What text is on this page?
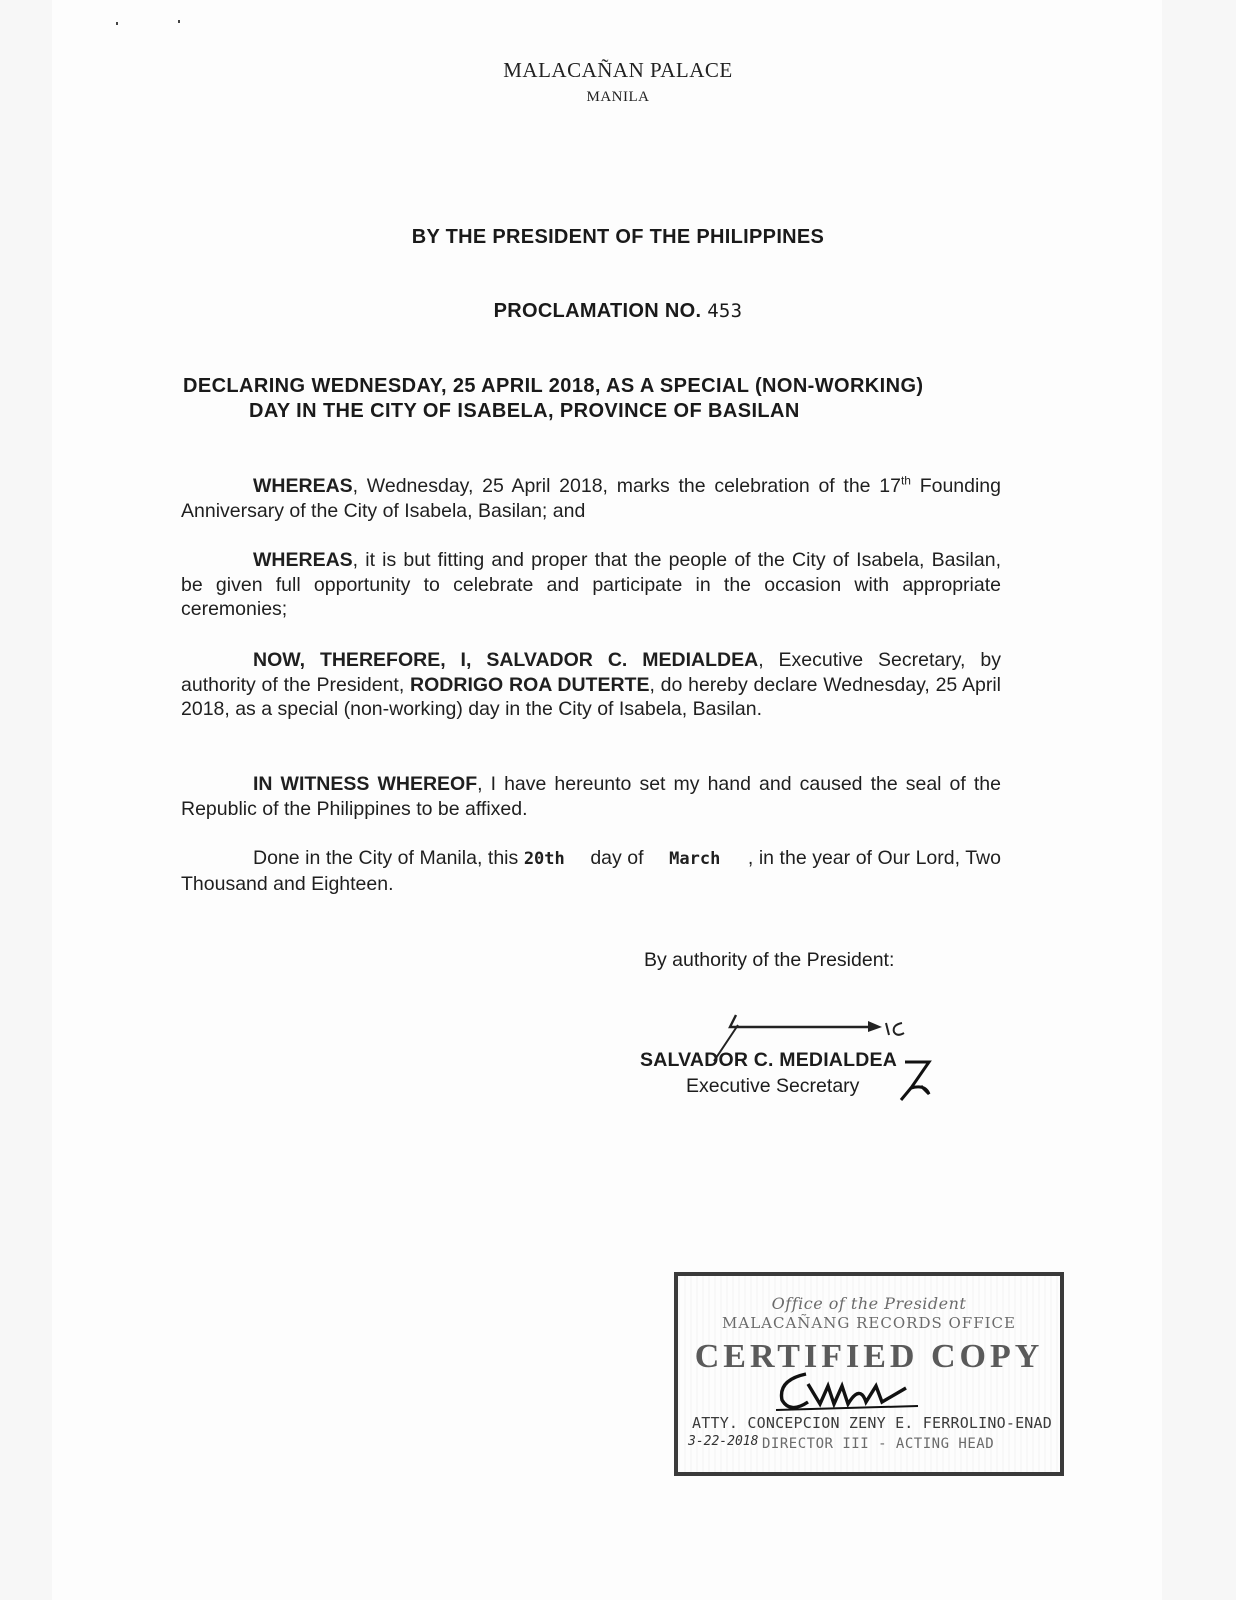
MALACAÑAN PALACE
MANILA
BY THE PRESIDENT OF THE PHILIPPINES
PROCLAMATION NO. 453
DECLARING WEDNESDAY, 25 APRIL 2018, AS A SPECIAL (NON-WORKING)
DAY IN THE CITY OF ISABELA, PROVINCE OF BASILAN
WHEREAS, Wednesday, 25 April 2018, marks the celebration of the 17th Founding Anniversary of the City of Isabela, Basilan; and
WHEREAS, it is but fitting and proper that the people of the City of Isabela, Basilan, be given full opportunity to celebrate and participate in the occasion with appropriate ceremonies;
NOW, THEREFORE, I, SALVADOR C. MEDIALDEA, Executive Secretary, by authority of the President, RODRIGO ROA DUTERTE, do hereby declare Wednesday, 25 April 2018, as a special (non-working) day in the City of Isabela, Basilan.
IN WITNESS WHEREOF, I have hereunto set my hand and caused the seal of the Republic of the Philippines to be affixed.
Done in the City of Manila, this 20th day of March , in the year of Our Lord, Two Thousand and Eighteen.
By authority of the President:
SALVADOR C. MEDIALDEA
Executive Secretary
Office of the President
MALACAÑANG RECORDS OFFICE
CERTIFIED COPY
ATTY. CONCEPCION ZENY E. FERROLINO-ENAD
DIRECTOR III - ACTING HEAD
3-22-2018
